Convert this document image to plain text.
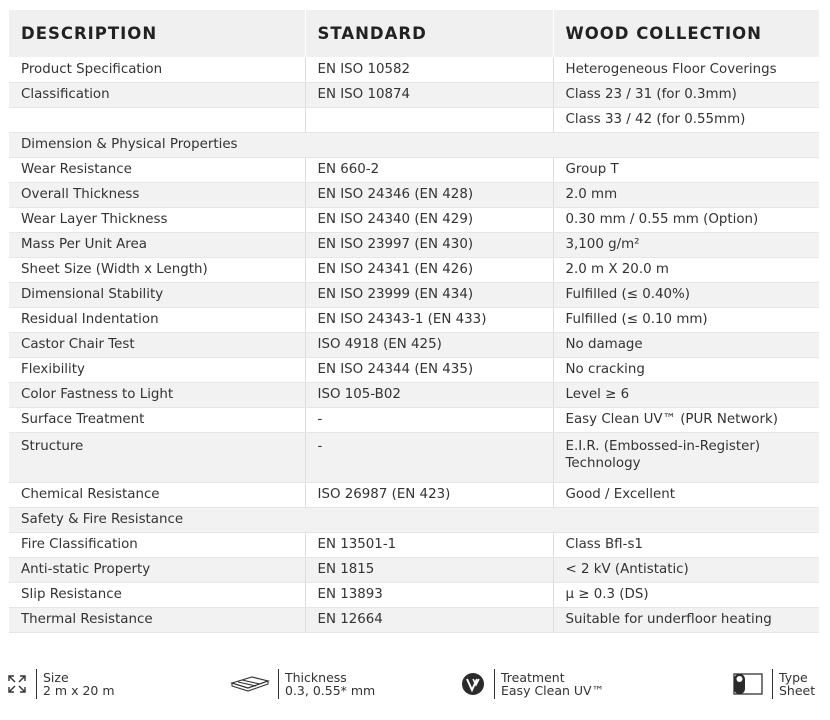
DESCRIPTION	STANDARD	WOOD COLLECTION
Product Specification	EN ISO 10582	Heterogeneous Floor Coverings
Classification	EN ISO 10874	Class 23 / 31 (for 0.3mm)
		Class 33 / 42 (for 0.55mm)
Dimension & Physical Properties		
Wear Resistance	EN 660-2	Group T
Overall Thickness	EN ISO 24346 (EN 428)	2.0 mm
Wear Layer Thickness	EN ISO 24340 (EN 429)	0.30 mm / 0.55 mm (Option)
Mass Per Unit Area	EN ISO 23997 (EN 430)	3,100 g/m²
Sheet Size (Width x Length)	EN ISO 24341 (EN 426)	2.0 m X 20.0 m
Dimensional Stability	EN ISO 23999 (EN 434)	Fulfilled (≤ 0.40%)
Residual Indentation	EN ISO 24343-1 (EN 433)	Fulfilled (≤ 0.10 mm)
Castor Chair Test	ISO 4918 (EN 425)	No damage
Flexibility	EN ISO 24344 (EN 435)	No cracking
Color Fastness to Light	ISO 105-B02	Level ≥ 6
Surface Treatment	-	Easy Clean UV™ (PUR Network)
Structure	-	E.I.R. (Embossed-in-Register) Technology
Chemical Resistance	ISO 26987 (EN 423)	Good / Excellent
Safety & Fire Resistance		
Fire Classification	EN 13501-1	Class Bfl-s1
Anti-static Property	EN 1815	< 2 kV (Antistatic)
Slip Resistance	EN 13893	μ ≥ 0.3 (DS)
Thermal Resistance	EN 12664	Suitable for underfloor heating
Size
2 m x 20 m
Thickness
0.3, 0.55* mm
Treatment
Easy Clean UV™
Type
Sheet
